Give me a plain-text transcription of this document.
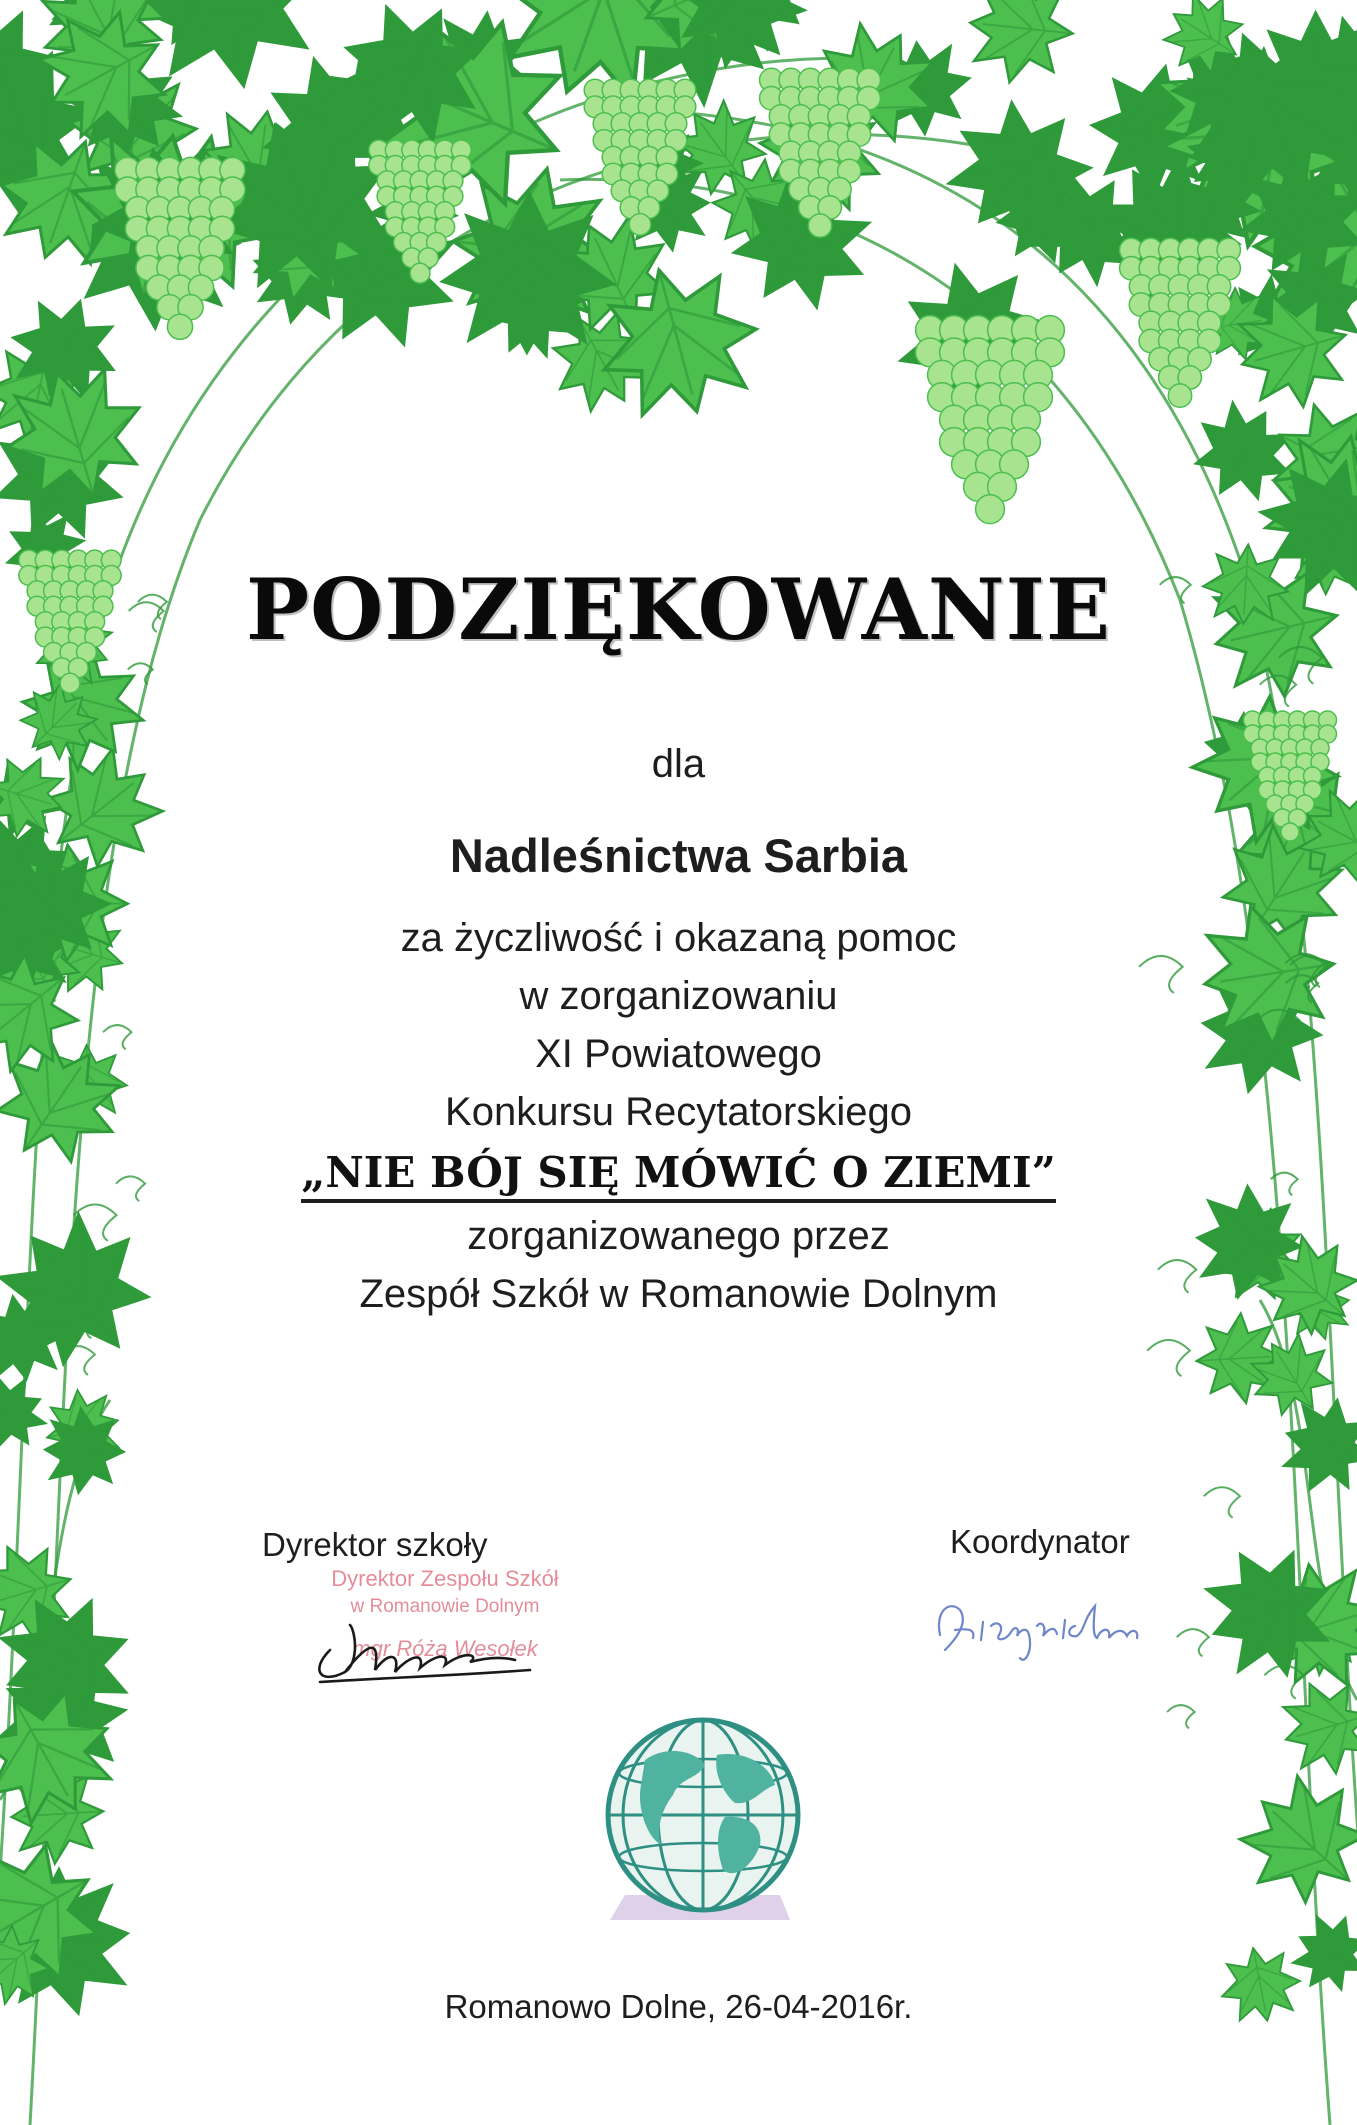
PODZIĘKOWANIE
dla
Nadleśnictwa Sarbia
za życzliwość i okazaną pomoc
w zorganizowaniu
XI Powiatowego
Konkursu Recytatorskiego
„NIE BÓJ SIĘ MÓWIĆ O ZIEMI”
zorganizowanego przez
Zespół Szkół w Romanowie Dolnym
Dyrektor szkoły	Koordynator
Dyrektor Zespołu Szkół
w Romanowie Dolnym
mgr Róża Wesołek
Romanowo Dolne, 26-04-2016r.
